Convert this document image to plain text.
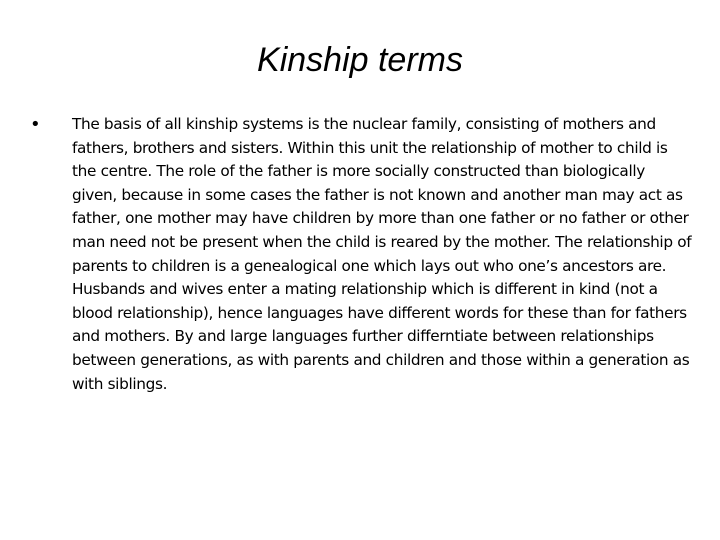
Kinship terms
• The basis of all kinship systems is the nuclear family, consisting of mothers and fathers, brothers and sisters. Within this unit the relationship of mother to child is the centre. The role of the father is more socially constructed than biologically given, because in some cases the father is not known and another man may act as father, one mother may have children by more than one father or no father or other man need not be present when the child is reared by the mother. The relationship of parents to children is a genealogical one which lays out who one’s ancestors are. Husbands and wives enter a mating relationship which is different in kind (not a blood relationship), hence languages have different words for these than for fathers and mothers. By and large languages further differntiate between relationships between generations, as with parents and children and those within a generation as with siblings.
